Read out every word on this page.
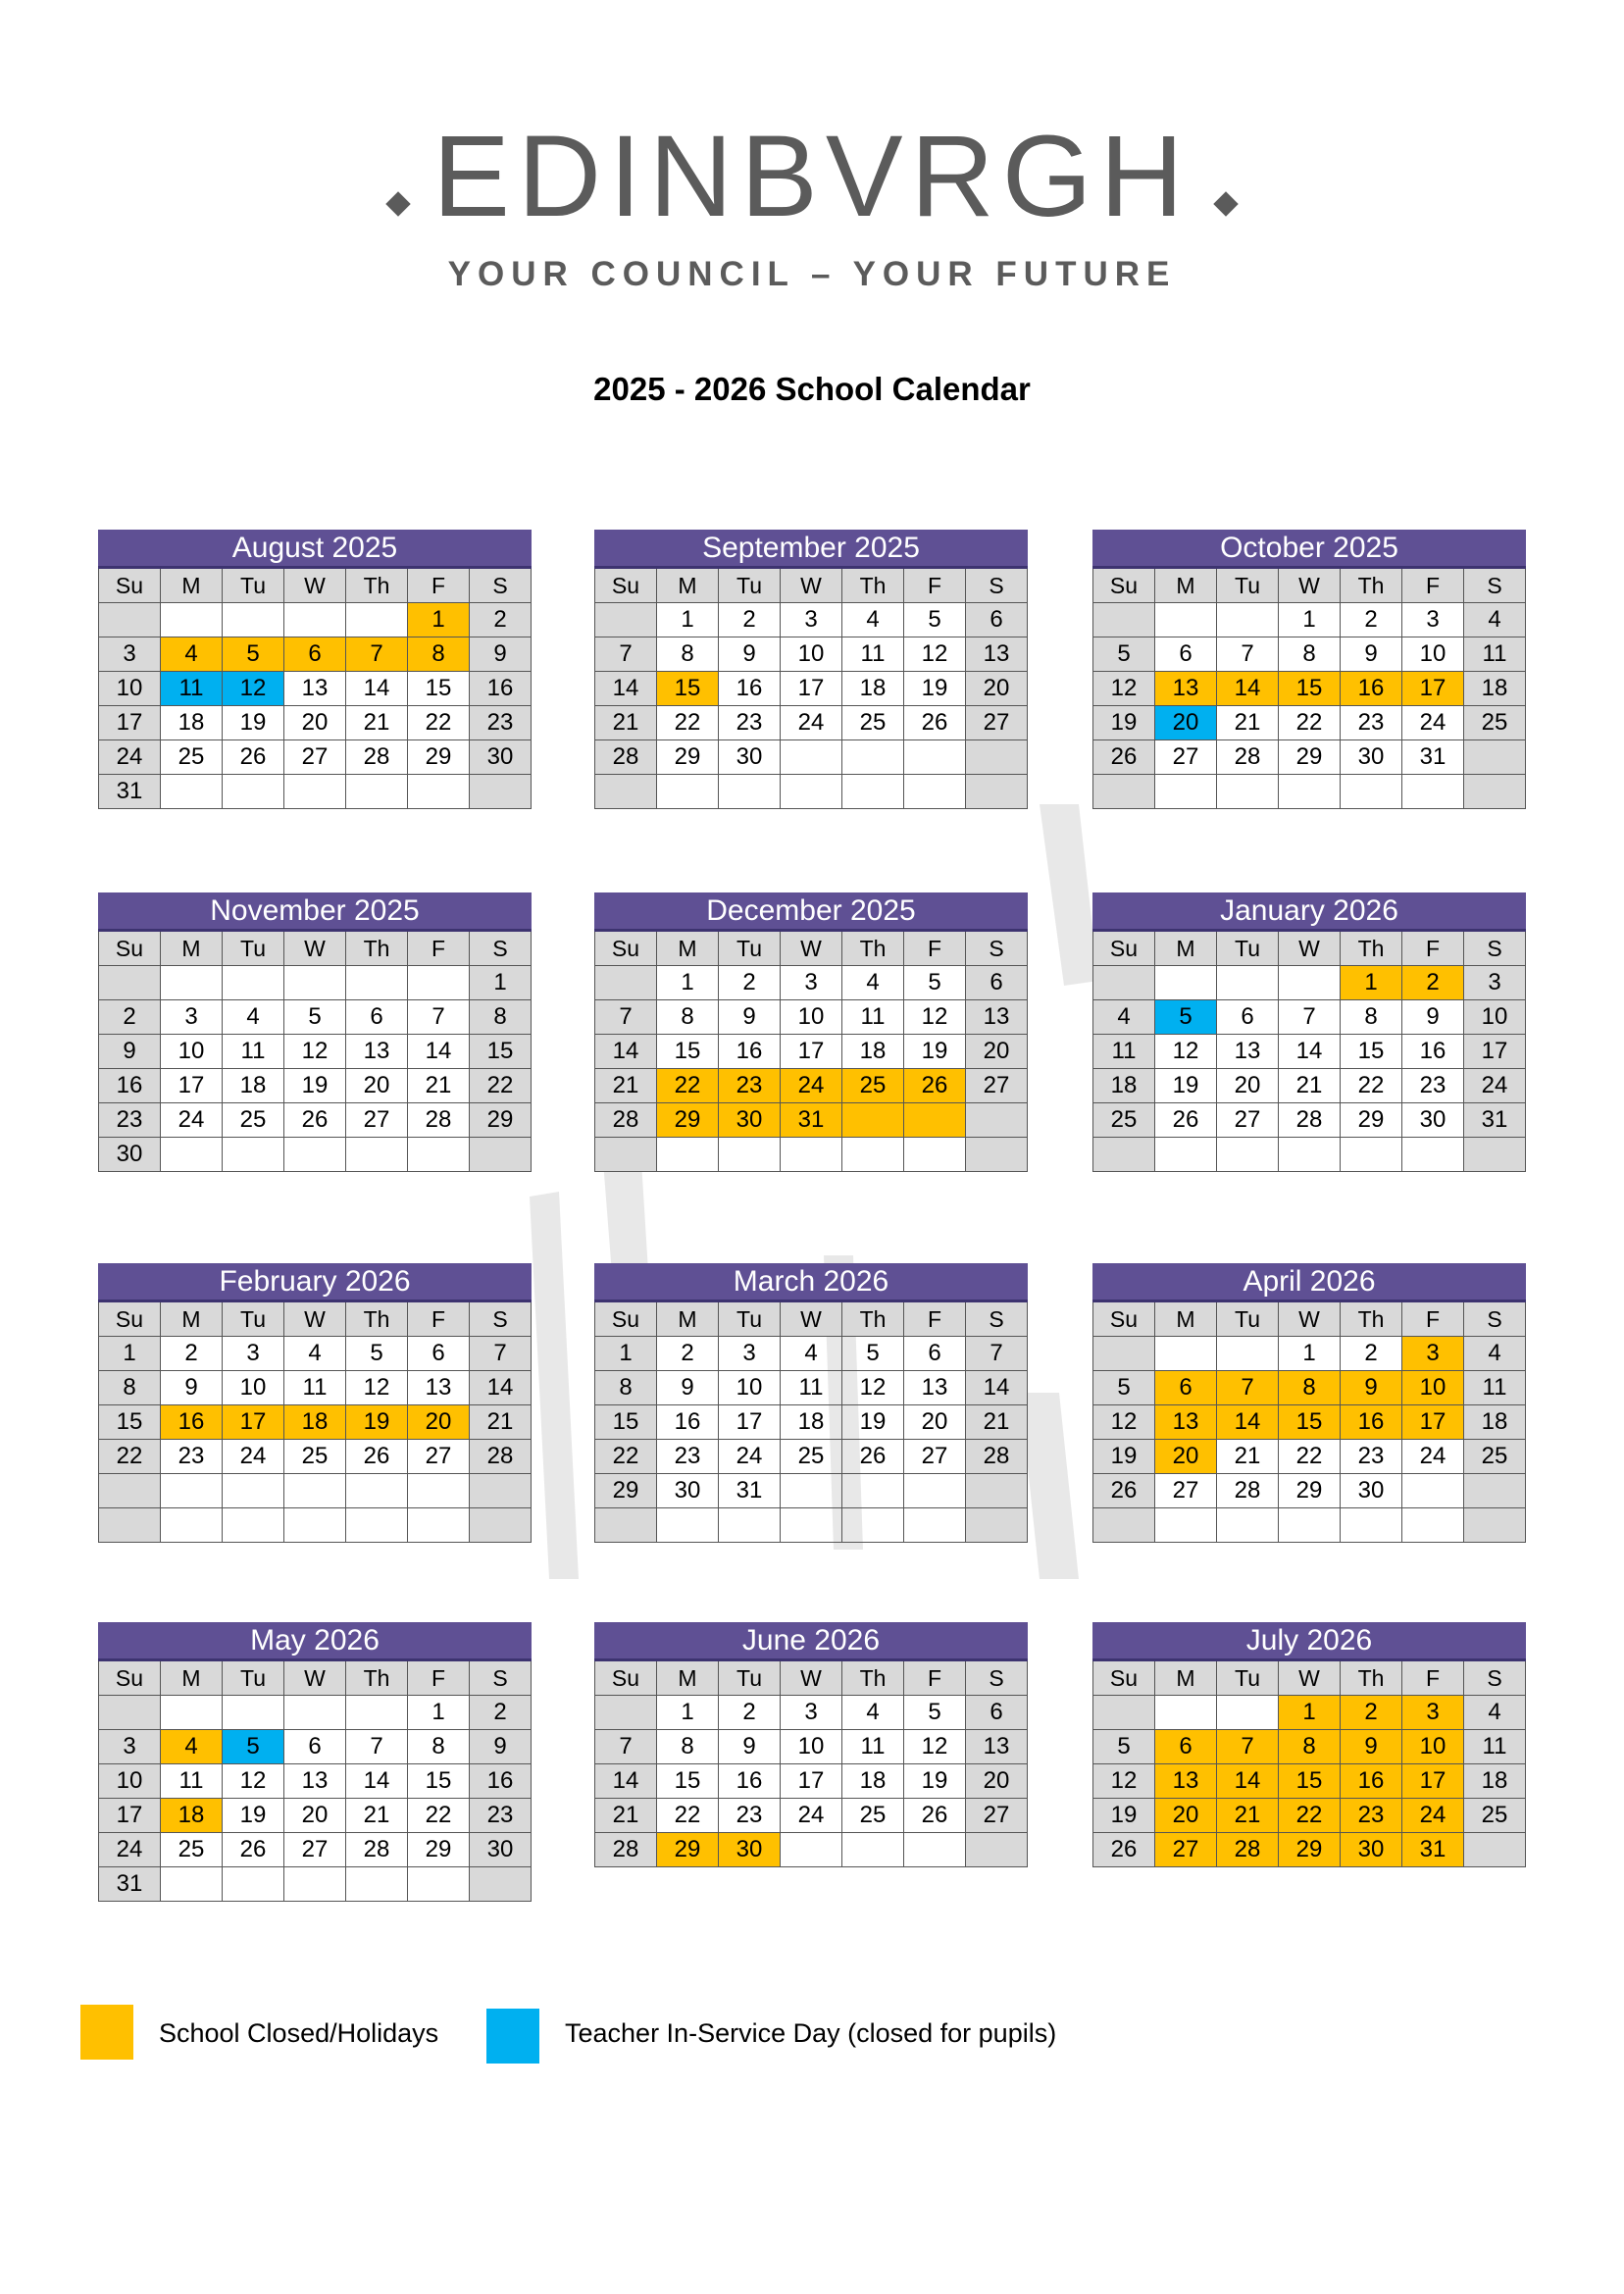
EDINBVRGH
YOUR COUNCIL – YOUR FUTURE
2025 - 2026 School Calendar
August 2025						
Su	M	Tu	W	Th	F	S
					1	2
3	4	5	6	7	8	9
10	11	12	13	14	15	16
17	18	19	20	21	22	23
24	25	26	27	28	29	30
31						
September 2025						
Su	M	Tu	W	Th	F	S
	1	2	3	4	5	6
7	8	9	10	11	12	13
14	15	16	17	18	19	20
21	22	23	24	25	26	27
28	29	30				

October 2025						
Su	M	Tu	W	Th	F	S
			1	2	3	4
5	6	7	8	9	10	11
12	13	14	15	16	17	18
19	20	21	22	23	24	25
26	27	28	29	30	31	

November 2025						
Su	M	Tu	W	Th	F	S
						1
2	3	4	5	6	7	8
9	10	11	12	13	14	15
16	17	18	19	20	21	22
23	24	25	26	27	28	29
30						
December 2025						
Su	M	Tu	W	Th	F	S
	1	2	3	4	5	6
7	8	9	10	11	12	13
14	15	16	17	18	19	20
21	22	23	24	25	26	27
28	29	30	31			

January 2026						
Su	M	Tu	W	Th	F	S
				1	2	3
4	5	6	7	8	9	10
11	12	13	14	15	16	17
18	19	20	21	22	23	24
25	26	27	28	29	30	31

February 2026						
Su	M	Tu	W	Th	F	S
1	2	3	4	5	6	7
8	9	10	11	12	13	14
15	16	17	18	19	20	21
22	23	24	25	26	27	28

March 2026						
Su	M	Tu	W	Th	F	S
1	2	3	4	5	6	7
8	9	10	11	12	13	14
15	16	17	18	19	20	21
22	23	24	25	26	27	28
29	30	31				

April 2026						
Su	M	Tu	W	Th	F	S
			1	2	3	4
5	6	7	8	9	10	11
12	13	14	15	16	17	18
19	20	21	22	23	24	25
26	27	28	29	30		

May 2026						
Su	M	Tu	W	Th	F	S
					1	2
3	4	5	6	7	8	9
10	11	12	13	14	15	16
17	18	19	20	21	22	23
24	25	26	27	28	29	30
31						
June 2026						
Su	M	Tu	W	Th	F	S
	1	2	3	4	5	6
7	8	9	10	11	12	13
14	15	16	17	18	19	20
21	22	23	24	25	26	27
28	29	30				
July 2026						
Su	M	Tu	W	Th	F	S
			1	2	3	4
5	6	7	8	9	10	11
12	13	14	15	16	17	18
19	20	21	22	23	24	25
26	27	28	29	30	31	
School Closed/Holidays	Teacher In-Service Day (closed for pupils)
